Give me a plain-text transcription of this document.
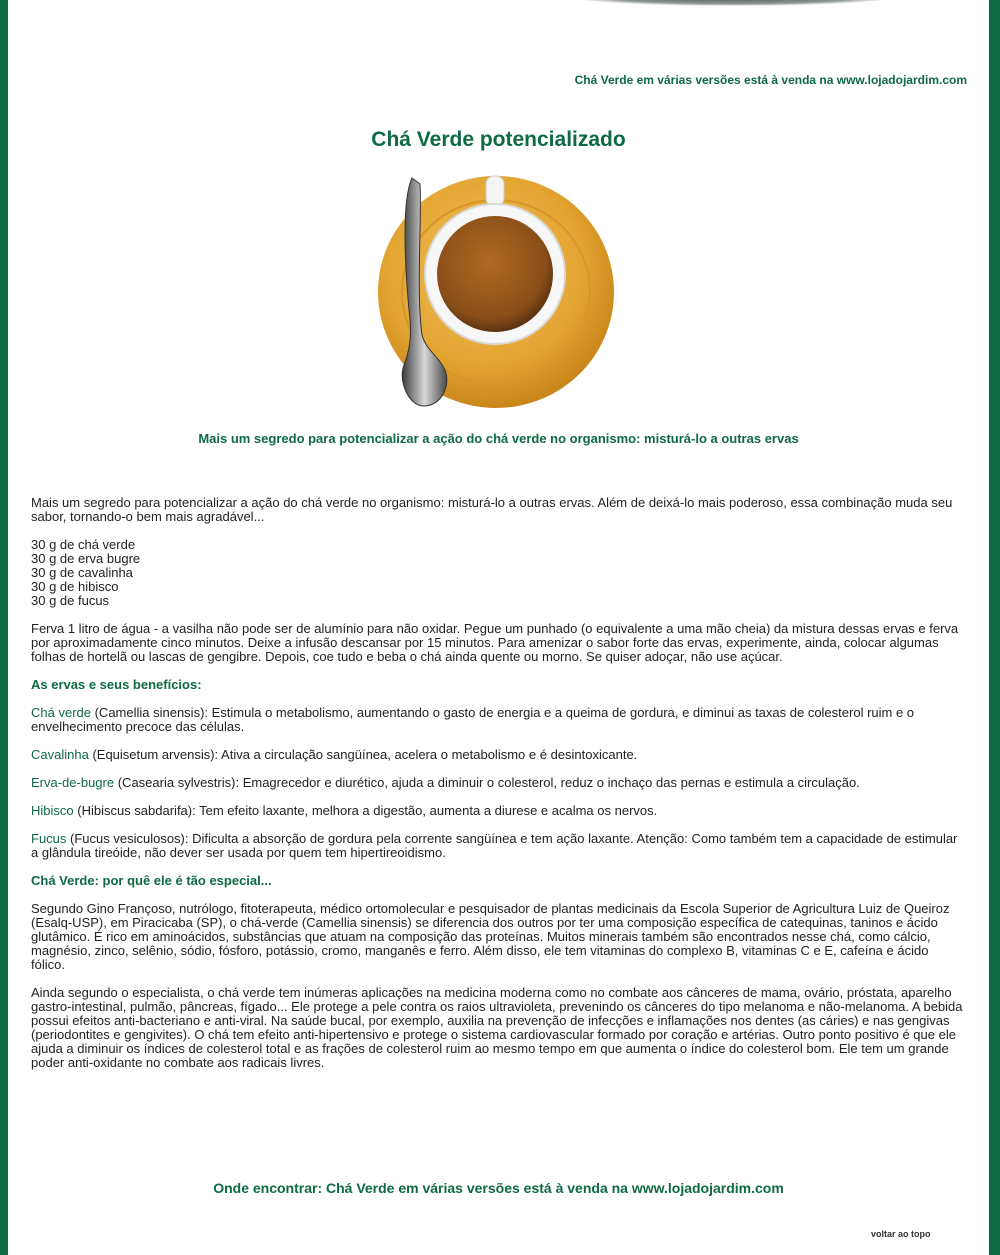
Chá Verde em várias versões está à venda na www.lojadojardim.com
Chá Verde potencializado
Mais um segredo para potencializar a ação do chá verde no organismo: misturá-lo a outras ervas

Mais um segredo para potencializar a ação do chá verde no organismo: misturá-lo a outras ervas. Além de deixá-lo mais poderoso, essa combinação muda seu sabor, tornando-o bem mais agradável...

30 g de chá verde
30 g de erva bugre
30 g de cavalinha
30 g de hibisco
30 g de fucus

Ferva 1 litro de água - a vasilha não pode ser de alumínio para não oxidar. Pegue um punhado (o equivalente a uma mão cheia) da mistura dessas ervas e ferva por aproximadamente cinco minutos. Deixe a infusão descansar por 15 minutos. Para amenizar o sabor forte das ervas, experimente, ainda, colocar algumas folhas de hortelã ou lascas de gengibre. Depois, coe tudo e beba o chá ainda quente ou morno. Se quiser adoçar, não use açúcar.

As ervas e seus benefícios:

Chá verde (Camellia sinensis): Estimula o metabolismo, aumentando o gasto de energia e a queima de gordura, e diminui as taxas de colesterol ruim e o envelhecimento precoce das células.

Cavalinha (Equisetum arvensis): Ativa a circulação sangüínea, acelera o metabolismo e é desintoxicante.

Erva-de-bugre (Casearia sylvestris): Emagrecedor e diurético, ajuda a diminuir o colesterol, reduz o inchaço das pernas e estimula a circulação.

Hibisco (Hibiscus sabdarifa): Tem efeito laxante, melhora a digestão, aumenta a diurese e acalma os nervos.

Fucus (Fucus vesiculosos): Dificulta a absorção de gordura pela corrente sangüínea e tem ação laxante. Atenção: Como também tem a capacidade de estimular a glândula tireóide, não dever ser usada por quem tem hipertireoidismo.

Chá Verde: por quê ele é tão especial...

Segundo Gino Françoso, nutrólogo, fitoterapeuta, médico ortomolecular e pesquisador de plantas medicinais da Escola Superior de Agricultura Luiz de Queiroz (Esalq-USP), em Piracicaba (SP), o chá-verde (Camellia sinensis) se diferencia dos outros por ter uma composição específica de catequinas, taninos e ácido glutâmico. É rico em aminoácidos, substâncias que atuam na composição das proteínas. Muitos minerais também são encontrados nesse chá, como cálcio, magnésio, zinco, selênio, sódio, fósforo, potássio, cromo, manganês e ferro. Além disso, ele tem vitaminas do complexo B, vitaminas C e E, cafeína e ácido fólico.

Ainda segundo o especialista, o chá verde tem inúmeras aplicações na medicina moderna como no combate aos cânceres de mama, ovário, próstata, aparelho gastro-intestinal, pulmão, pâncreas, fígado... Ele protege a pele contra os raios ultravioleta, prevenindo os cânceres do tipo melanoma e não-melanoma. A bebida possui efeitos anti-bacteriano e anti-viral. Na saúde bucal, por exemplo, auxilia na prevenção de infecções e inflamações nos dentes (as cáries) e nas gengivas (periodontites e gengivites). O chá tem efeito anti-hipertensivo e protege o sistema cardiovascular formado por coração e artérias. Outro ponto positivo é que ele ajuda a diminuir os índices de colesterol total e as frações de colesterol ruim ao mesmo tempo em que aumenta o índice do colesterol bom. Ele tem um grande poder anti-oxidante no combate aos radicais livres.

Onde encontrar: Chá Verde em várias versões está à venda na www.lojadojardim.com
voltar ao topo
